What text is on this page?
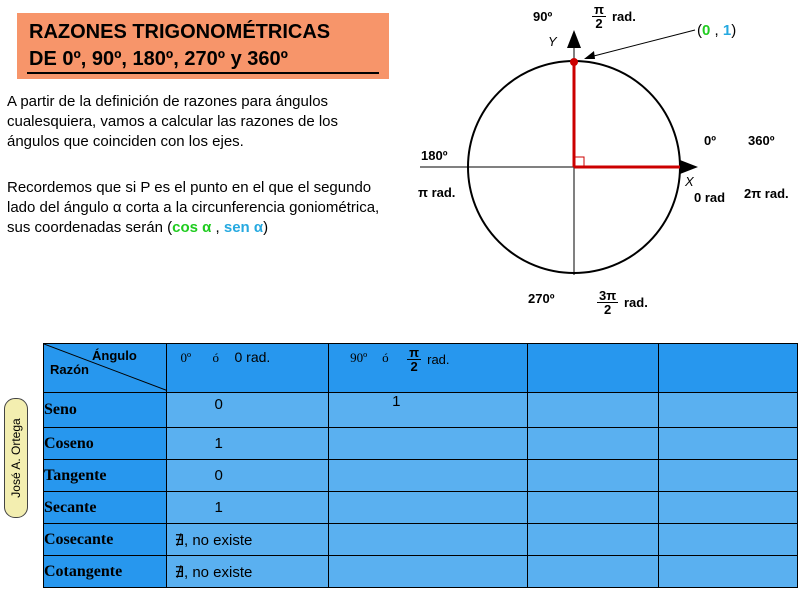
RAZONES TRIGONOMÉTRICAS
DE 0º, 90º, 180º, 270º y 360º
A partir de la definición de razones para ángulos cualesquiera, vamos a calcular las razones de los ángulos que coinciden con los ejes.
Recordemos que si P es el punto en el que el segundo lado del ángulo α corta a la circunferencia goniométrica, sus coordenadas serán (cos α , sen α)
90º	$\frac{\pi}{2}$ rad.
Y
(0 , 1)
0º 360º
X
0 rad 2π rad.
180º
π rad.
270º	$\frac{3\pi}{2}$ rad.
Ángulo
Razón	0º ó 0 rad.	90º ó $\frac{\pi}{2}$ rad.		

Seno	0	1		
Coseno	1			
Tangente	0			
Secante	1			
Cosecante	∄, no existe			
Cotangente	∄, no existe			
José A. Ortega
